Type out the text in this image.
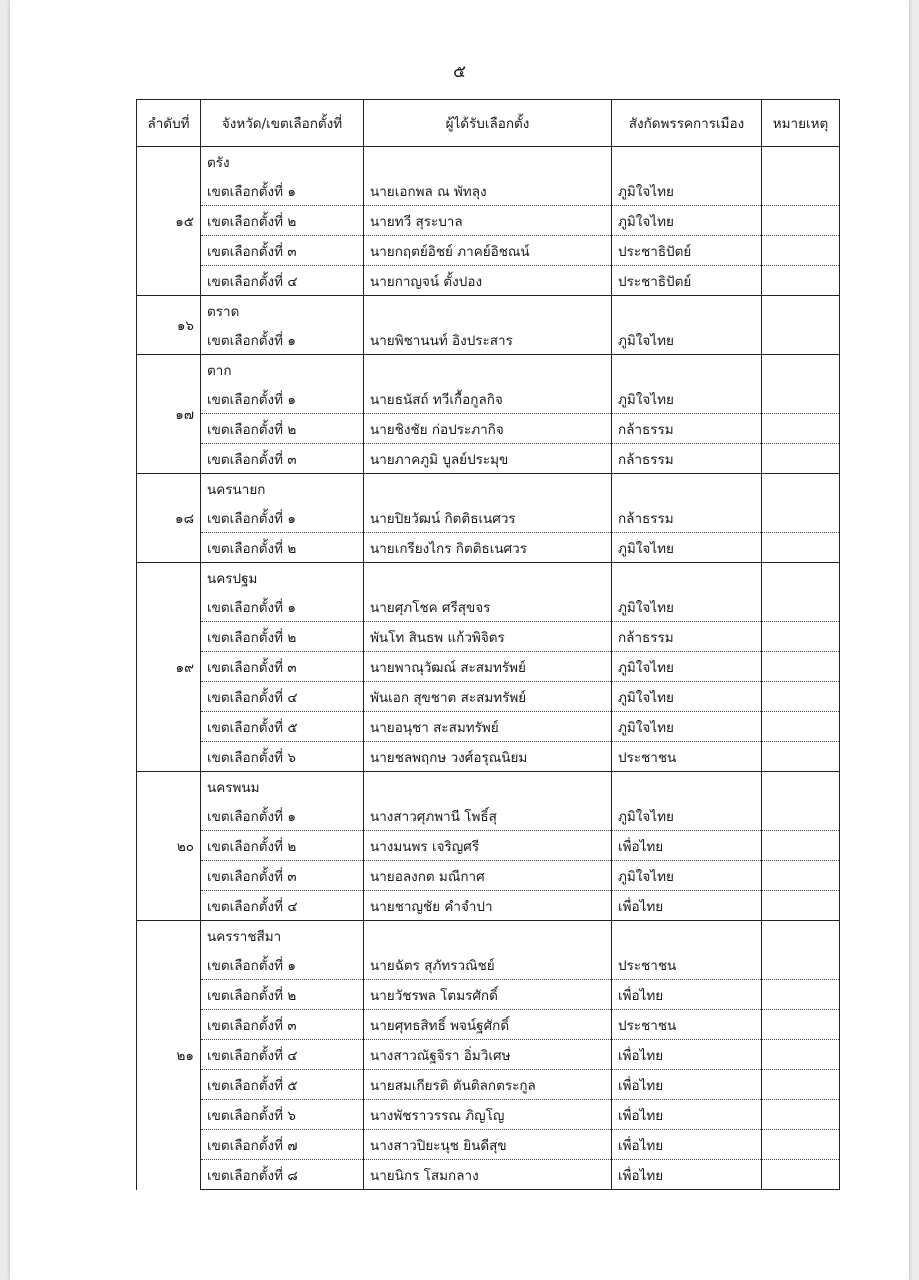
๕
ลำดับที่	จังหวัด/เขตเลือกตั้งที่	ผู้ได้รับเลือกตั้ง	สังกัดพรรคการเมือง	หมายเหตุ
๑๕	ตรัง			
	เขตเลือกตั้งที่ ๑	นายเอกพล ณ พัทลุง	ภูมิใจไทย	
	เขตเลือกตั้งที่ ๒	นายทวี สุระบาล	ภูมิใจไทย	
	เขตเลือกตั้งที่ ๓	นายกฤตย์อิชย์ ภาคย์อิชณน์	ประชาธิปัตย์	
	เขตเลือกตั้งที่ ๔	นายกาญจน์ ตั้งปอง	ประชาธิปัตย์	
๑๖	ตราด			
	เขตเลือกตั้งที่ ๑	นายพิชานนท์ อิงประสาร	ภูมิใจไทย	
๑๗	ตาก			
	เขตเลือกตั้งที่ ๑	นายธนัสถ์ ทวีเกื้อกูลกิจ	ภูมิใจไทย	
	เขตเลือกตั้งที่ ๒	นายชิงชัย ก่อประภากิจ	กล้าธรรม	
	เขตเลือกตั้งที่ ๓	นายภาคภูมิ บูลย์ประมุข	กล้าธรรม	
๑๘	นครนายก			
	เขตเลือกตั้งที่ ๑	นายปิยวัฒน์ กิตติธเนศวร	กล้าธรรม	
	เขตเลือกตั้งที่ ๒	นายเกรียงไกร กิตติธเนศวร	ภูมิใจไทย	
๑๙	นครปฐม			
	เขตเลือกตั้งที่ ๑	นายศุภโชค ศรีสุขจร	ภูมิใจไทย	
	เขตเลือกตั้งที่ ๒	พันโท สินธพ แก้วพิจิตร	กล้าธรรม	
	เขตเลือกตั้งที่ ๓	นายพาณุวัฒณ์ สะสมทรัพย์	ภูมิใจไทย	
	เขตเลือกตั้งที่ ๔	พันเอก สุขชาต สะสมทรัพย์	ภูมิใจไทย	
	เขตเลือกตั้งที่ ๕	นายอนุชา สะสมทรัพย์	ภูมิใจไทย	
	เขตเลือกตั้งที่ ๖	นายชลพฤกษ วงศ์อรุณนิยม	ประชาชน	
๒๐	นครพนม			
	เขตเลือกตั้งที่ ๑	นางสาวศุภพานี โพธิ์สุ	ภูมิใจไทย	
	เขตเลือกตั้งที่ ๒	นางมนพร เจริญศรี	เพื่อไทย	
	เขตเลือกตั้งที่ ๓	นายอลงกต มณีกาศ	ภูมิใจไทย	
	เขตเลือกตั้งที่ ๔	นายชาญชัย คำจำปา	เพื่อไทย	
๒๑	นครราชสีมา			
	เขตเลือกตั้งที่ ๑	นายฉัตร สุภัทรวณิชย์	ประชาชน	
	เขตเลือกตั้งที่ ๒	นายวัชรพล โตมรศักดิ์	เพื่อไทย	
	เขตเลือกตั้งที่ ๓	นายศุทธสิทธิ์ พจน์ฐศักดิ์	ประชาชน	
	เขตเลือกตั้งที่ ๔	นางสาวณัฐจิรา อิ่มวิเศษ	เพื่อไทย	
	เขตเลือกตั้งที่ ๕	นายสมเกียรติ ตันติลกตระกูล	เพื่อไทย	
	เขตเลือกตั้งที่ ๖	นางพัชราวรรณ ภิญโญ	เพื่อไทย	
	เขตเลือกตั้งที่ ๗	นางสาวปิยะนุช ยินดีสุข	เพื่อไทย	
	เขตเลือกตั้งที่ ๘	นายนิกร โสมกลาง	เพื่อไทย	
